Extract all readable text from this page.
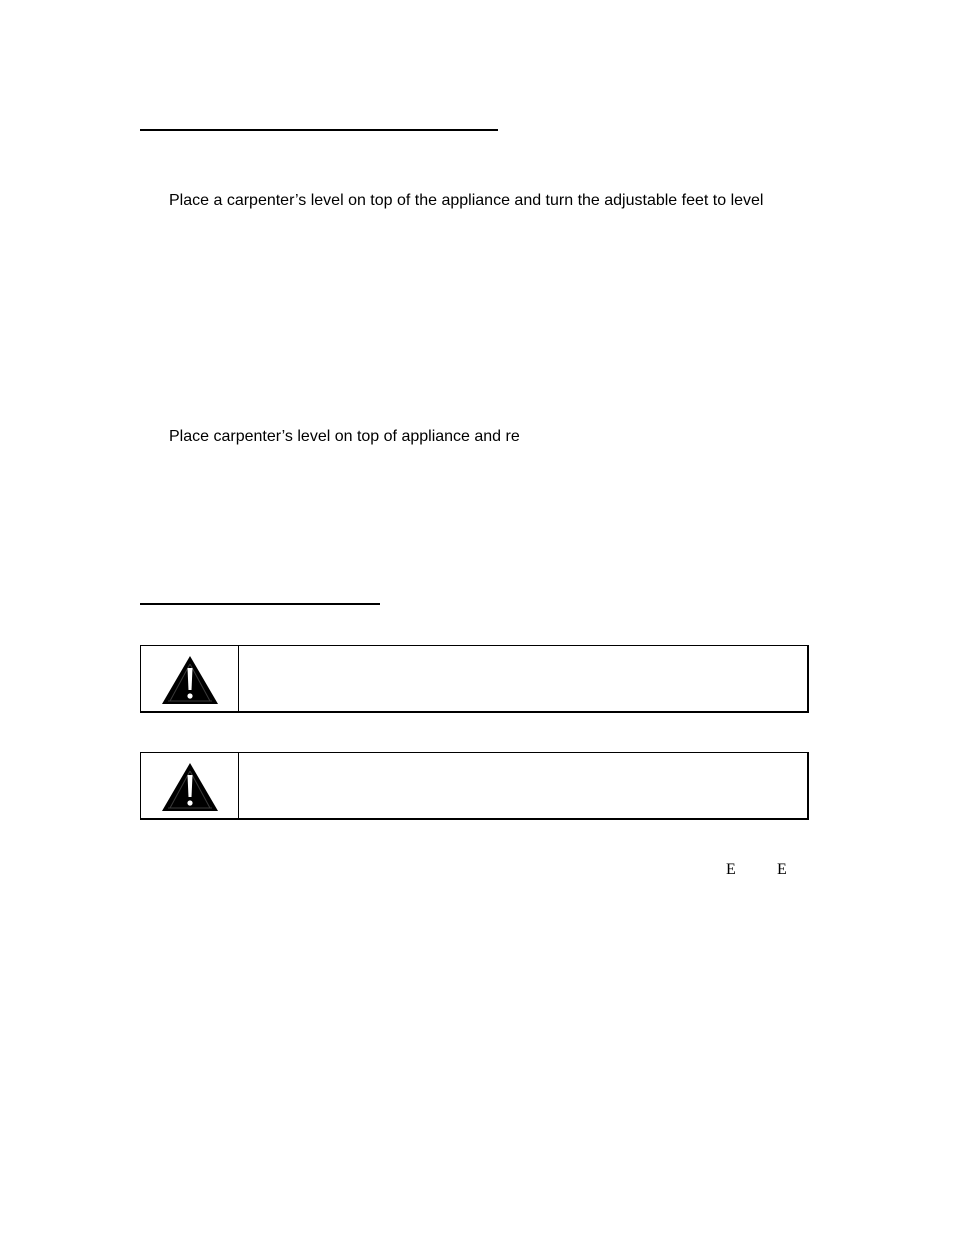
Place a carpenter’s level on top of the appliance and turn the adjustable feet to level
Place carpenter’s level on top of appliance and re
E	E
